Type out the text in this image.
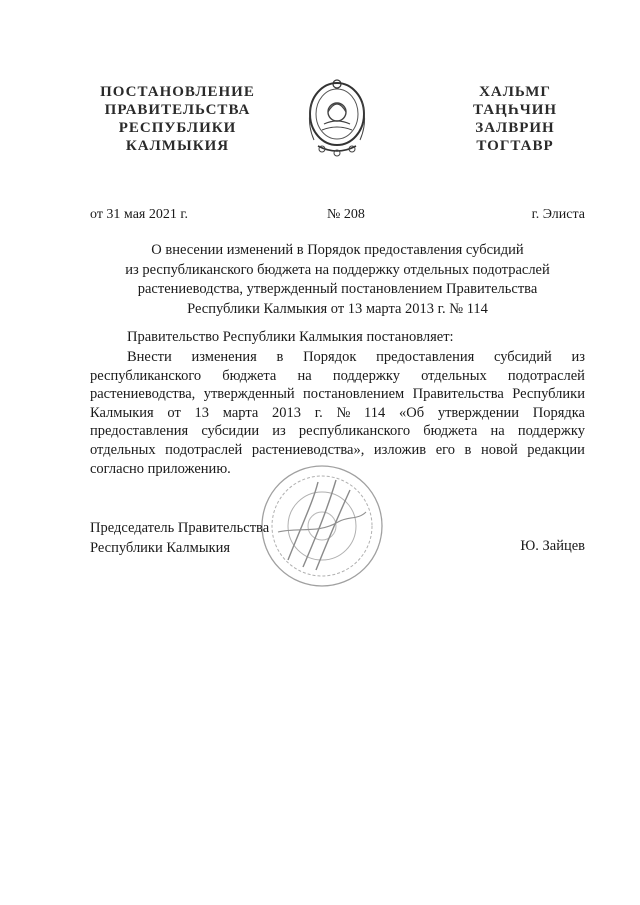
ПОСТАНОВЛЕНИЕ
ПРАВИТЕЛЬСТВА
РЕСПУБЛИКИ
КАЛМЫКИЯ
ХАЛЬМГ
ТАҢҺЧИН
ЗАЛВРИН
ТОГТАВР
от 31 мая 2021 г.	№ 208	г. Элиста
О внесении изменений в Порядок предоставления субсидий
из республиканского бюджета на поддержку отдельных подотраслей
растениеводства, утвержденный постановлением Правительства
Республики Калмыкия от 13 марта 2013 г. № 114
Правительство Республики Калмыкия постановляет:
Внести изменения в Порядок предоставления субсидий из
республиканского бюджета на поддержку отдельных подотраслей
растениеводства, утвержденный постановлением Правительства Республики
Калмыкия от 13 марта 2013 г. № 114 «Об утверждении Порядка
предоставления субсидии из республиканского бюджета на поддержку
отдельных подотраслей растениеводства», изложив его в новой редакции
согласно приложению.
Председатель Правительства
Республики Калмыкия	Ю. Зайцев
